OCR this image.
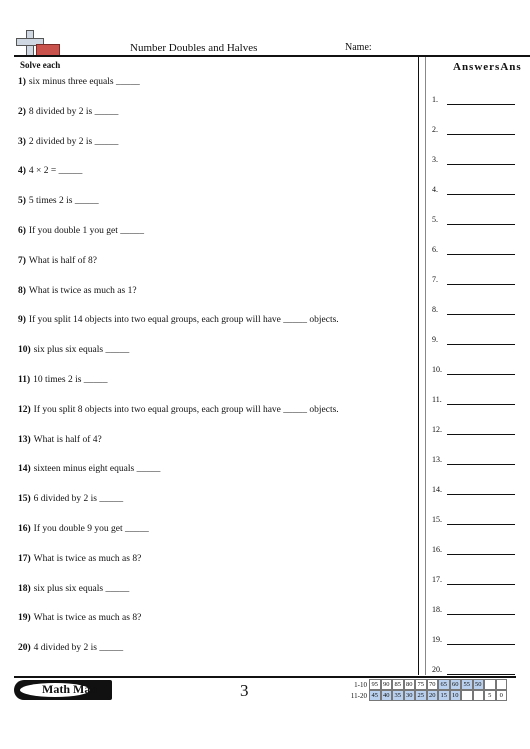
Number Doubles and Halves	Name:
Solve each	AnswersAns
1) six minus three equals _____
2) 8 divided by 2 is _____
3) 2 divided by 2 is _____
4) 4 × 2 = _____
5) 5 times 2 is _____
6) If you double 1 you get _____
7) What is half of 8?
8) What is twice as much as 1?
9) If you split 14 objects into two equal groups, each group will have _____ objects.
10) six plus six equals _____
11) 10 times 2 is _____
12) If you split 8 objects into two equal groups, each group will have _____ objects.
13) What is half of 4?
14) sixteen minus eight equals _____
15) 6 divided by 2 is _____
16) If you double 9 you get _____
17) What is twice as much as 8?
18) six plus six equals _____
19) What is twice as much as 8?
20) 4 divided by 2 is _____
1.
2.
3.
4.
5.
6.
7.
8.
9.
10.
11.
12.
13.
14.
15.
16.
17.
18.
19.
20.
Math Man	3	1-10 95 90 85 80 75 70 65 60 55 50
11-20 45 40 35 30 25 20 15 10	5	0
